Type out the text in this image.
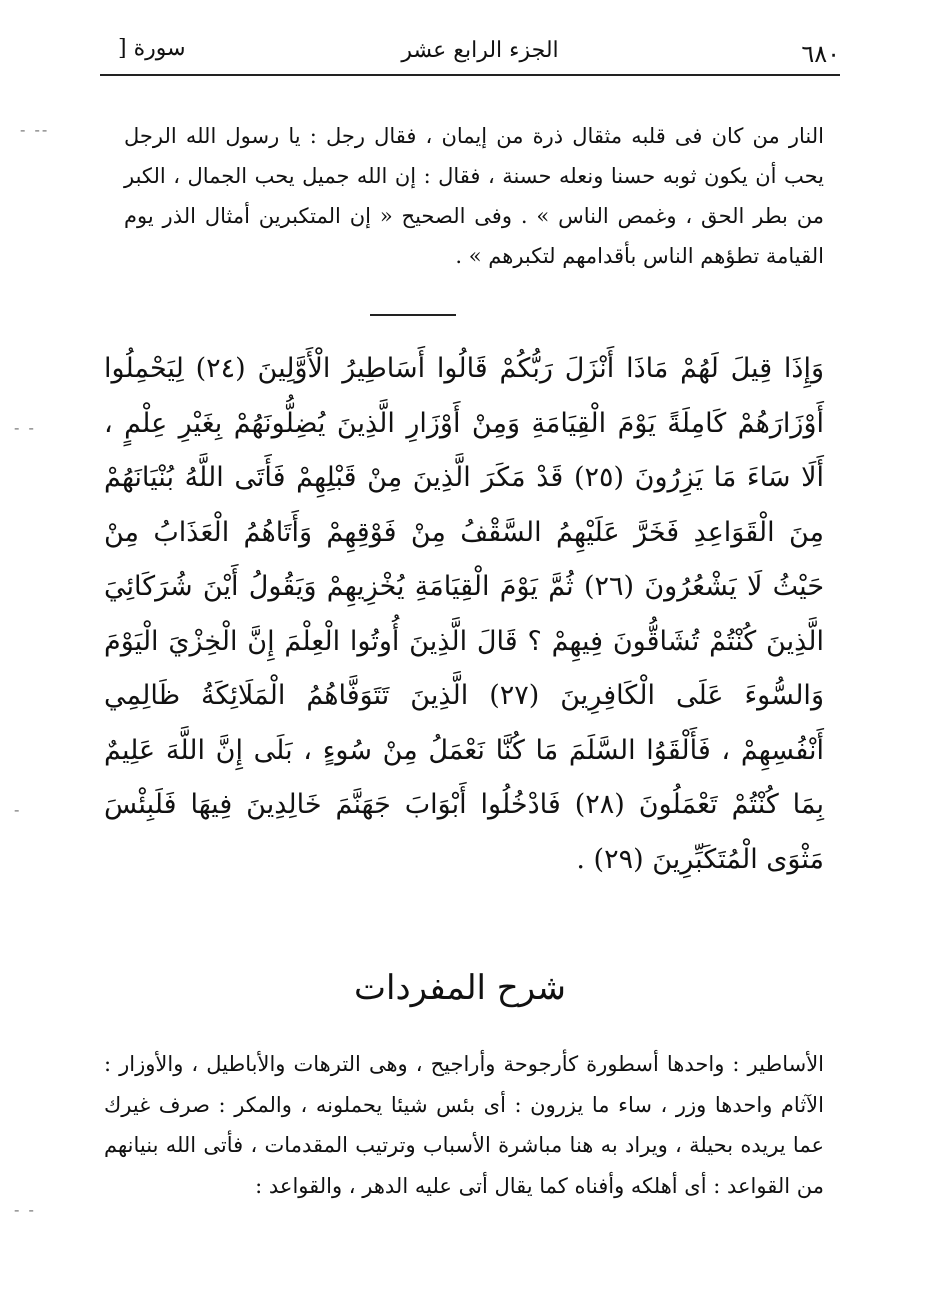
٦٨٠
الجزء الرابع عشر
سورة [
النار من كان فى قلبه مثقال ذرة من إيمان ، فقال رجل : يا رسول الله الرجل يحب أن يكون ثوبه حسنا ونعله حسنة ، فقال : إن الله جميل يحب الجمال ، الكبر من بطر الحق ، وغمص الناس » . وفى الصحيح « إن المتكبرين أمثال الذر يوم القيامة تطؤهم الناس بأقدامهم لتكبرهم » .
وَإِذَا قِيلَ لَهُمْ مَاذَا أَنْزَلَ رَبُّكُمْ قَالُوا أَسَاطِيرُ الْأَوَّلِينَ (٢٤) لِيَحْمِلُوا أَوْزَارَهُمْ كَامِلَةً يَوْمَ الْقِيَامَةِ وَمِنْ أَوْزَارِ الَّذِينَ يُضِلُّونَهُمْ بِغَيْرِ عِلْمٍ ، أَلَا سَاءَ مَا يَزِرُونَ (٢٥) قَدْ مَكَرَ الَّذِينَ مِنْ قَبْلِهِمْ فَأَتَى اللَّهُ بُنْيَانَهُمْ مِنَ الْقَوَاعِدِ فَخَرَّ عَلَيْهِمُ السَّقْفُ مِنْ فَوْقِهِمْ وَأَتَاهُمُ الْعَذَابُ مِنْ حَيْثُ لَا يَشْعُرُونَ (٢٦) ثُمَّ يَوْمَ الْقِيَامَةِ يُخْزِيهِمْ وَيَقُولُ أَيْنَ شُرَكَائِيَ الَّذِينَ كُنْتُمْ تُشَاقُّونَ فِيهِمْ ؟ قَالَ الَّذِينَ أُوتُوا الْعِلْمَ إِنَّ الْخِزْيَ الْيَوْمَ وَالسُّوءَ عَلَى الْكَافِرِينَ (٢٧) الَّذِينَ تَتَوَفَّاهُمُ الْمَلَائِكَةُ ظَالِمِي أَنْفُسِهِمْ ، فَأَلْقَوُا السَّلَمَ مَا كُنَّا نَعْمَلُ مِنْ سُوءٍ ، بَلَى إِنَّ اللَّهَ عَلِيمٌ بِمَا كُنْتُمْ تَعْمَلُونَ (٢٨) فَادْخُلُوا أَبْوَابَ جَهَنَّمَ خَالِدِينَ فِيهَا فَلَبِئْسَ مَثْوَى الْمُتَكَبِّرِينَ (٢٩) .
شرح المفردات
الأساطير : واحدها أسطورة كأرجوحة وأراجيح ، وهى الترهات والأباطيل ، والأوزار : الآثام واحدها وزر ، ساء ما يزرون : أى بئس شيئا يحملونه ، والمكر : صرف غيرك عما يريده بحيلة ، ويراد به هنا مباشرة الأسباب وترتيب المقدمات ، فأتى الله بنيانهم من القواعد : أى أهلكه وأفناه كما يقال أتى عليه الدهر ، والقواعد :
- --
- -
-
- -
